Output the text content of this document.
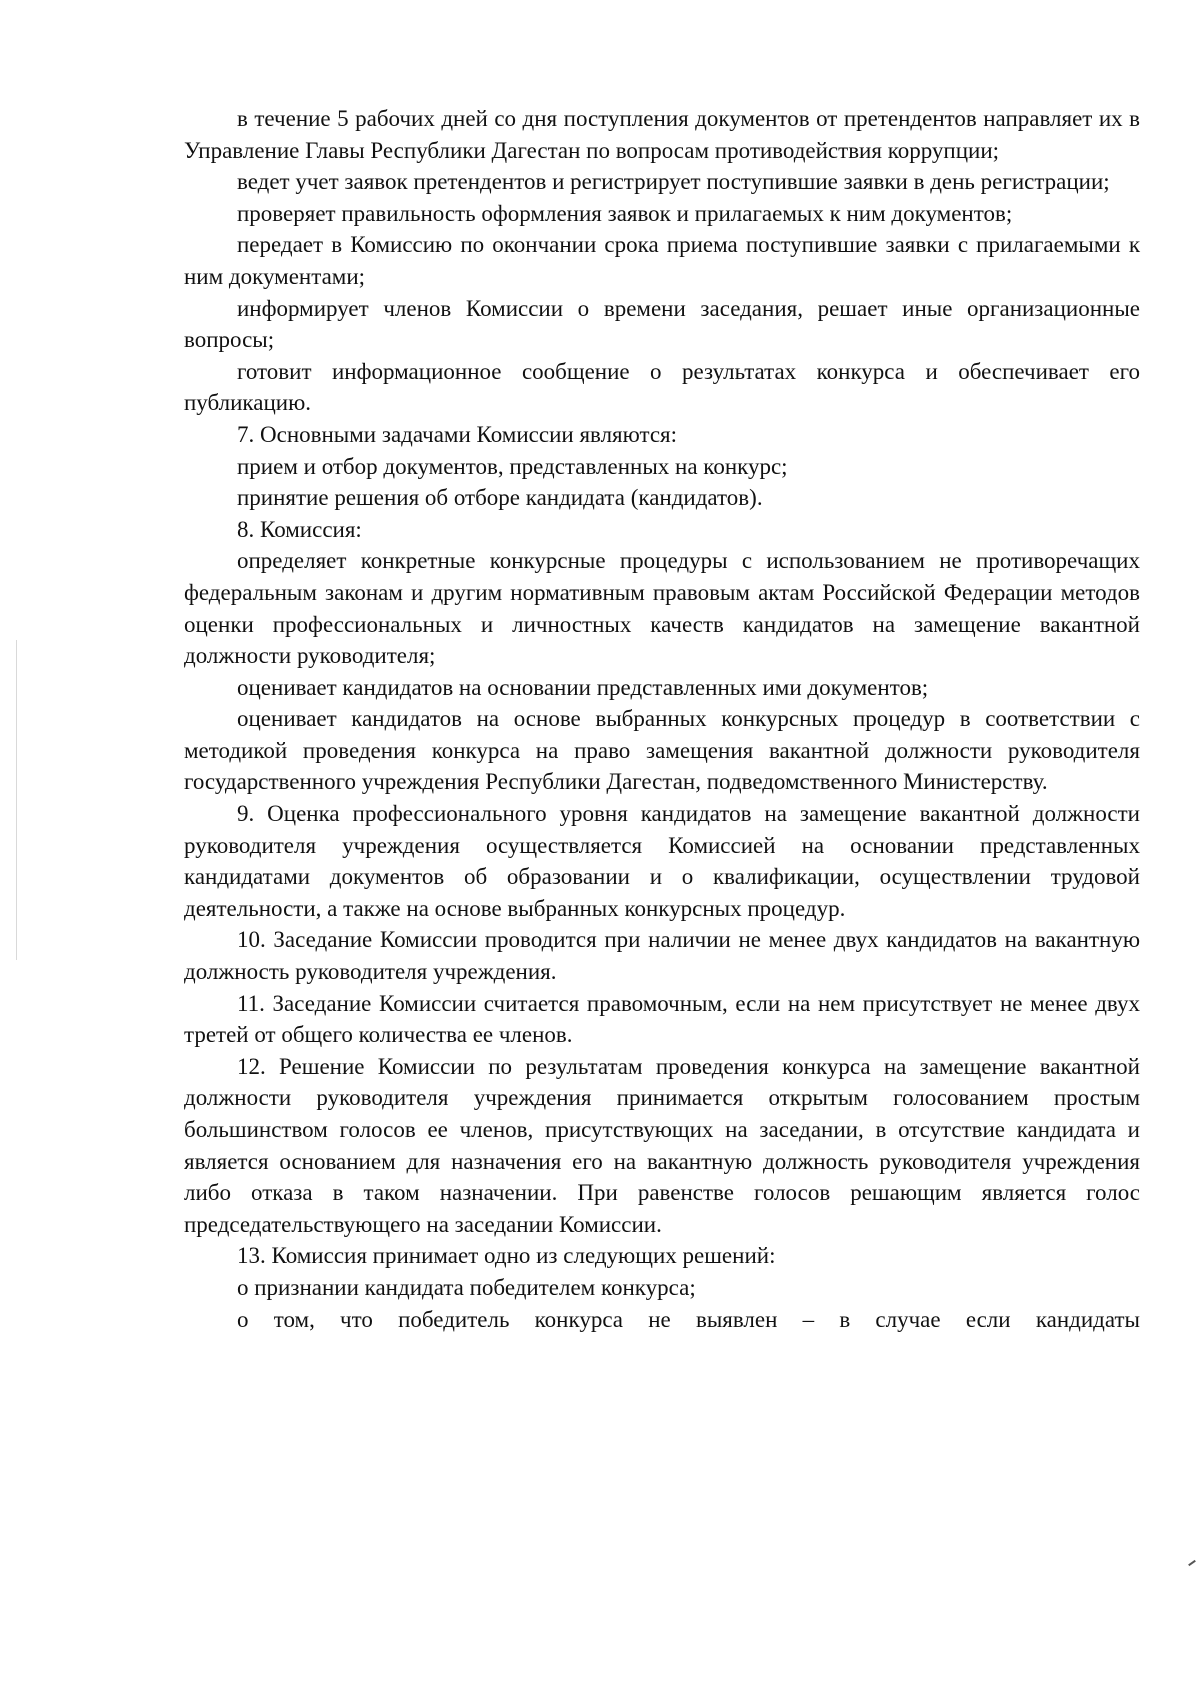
в течение 5 рабочих дней со дня поступления документов от претендентов направляет их в Управление Главы Республики Дагестан по вопросам противодействия коррупции;

ведет учет заявок претендентов и регистрирует поступившие заявки в день регистрации;

проверяет правильность оформления заявок и прилагаемых к ним документов;

передает в Комиссию по окончании срока приема поступившие заявки с прилагаемыми к ним документами;

информирует членов Комиссии о времени заседания, решает иные организационные вопросы;

готовит информационное сообщение о результатах конкурса и обеспечивает его публикацию.

7. Основными задачами Комиссии являются:

прием и отбор документов, представленных на конкурс;

принятие решения об отборе кандидата (кандидатов).

8. Комиссия:

определяет конкретные конкурсные процедуры с использованием не противоречащих федеральным законам и другим нормативным правовым актам Российской Федерации методов оценки профессиональных и личностных качеств кандидатов на замещение вакантной должности руководителя;

оценивает кандидатов на основании представленных ими документов;

оценивает кандидатов на основе выбранных конкурсных процедур в соответствии с методикой проведения конкурса на право замещения вакантной должности руководителя государственного учреждения Республики Дагестан, подведомственного Министерству.

9. Оценка профессионального уровня кандидатов на замещение вакантной должности руководителя учреждения осуществляется Комиссией на основании представленных кандидатами документов об образовании и о квалификации, осуществлении трудовой деятельности, а также на основе выбранных конкурсных процедур.

10. Заседание Комиссии проводится при наличии не менее двух кандидатов на вакантную должность руководителя учреждения.

11. Заседание Комиссии считается правомочным, если на нем присутствует не менее двух третей от общего количества ее членов.

12. Решение Комиссии по результатам проведения конкурса на замещение вакантной должности руководителя учреждения принимается открытым голосованием простым большинством голосов ее членов, присутствующих на заседании, в отсутствие кандидата и является основанием для назначения его на вакантную должность руководителя учреждения либо отказа в таком назначении. При равенстве голосов решающим является голос председательствующего на заседании Комиссии.

13. Комиссия принимает одно из следующих решений:

о признании кандидата победителем конкурса;

о том, что победитель конкурса не выявлен – в случае если кандидаты
